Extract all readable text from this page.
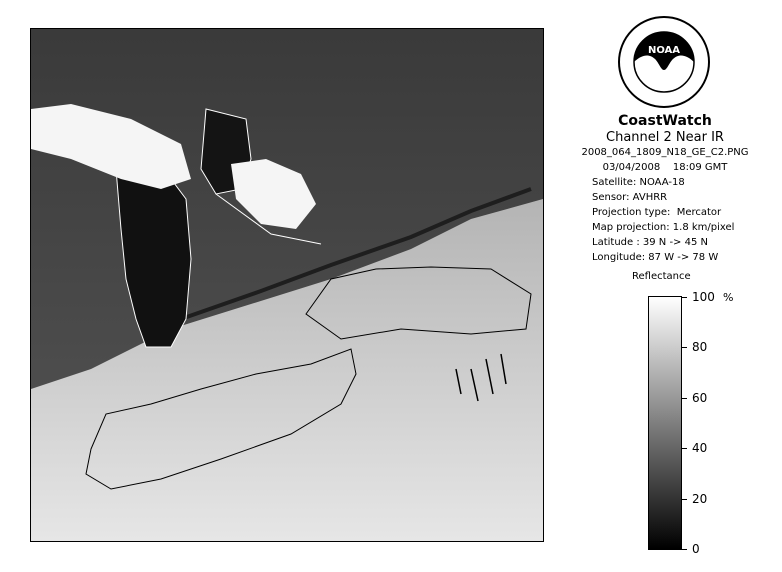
NOAA

CoastWatch

Channel 2 Near IR

2008_064_1809_N18_GE_C2.PNG

03/04/2008    18:09 GMT

Satellite: NOAA-18

Sensor: AVHRR

Projection type:  Mercator

Map projection: 1.8 km/pixel

Latitude : 39 N -> 45 N

Longitude: 87 W -> 78 W

Reflectance
%
100
80
60
40
20
0
